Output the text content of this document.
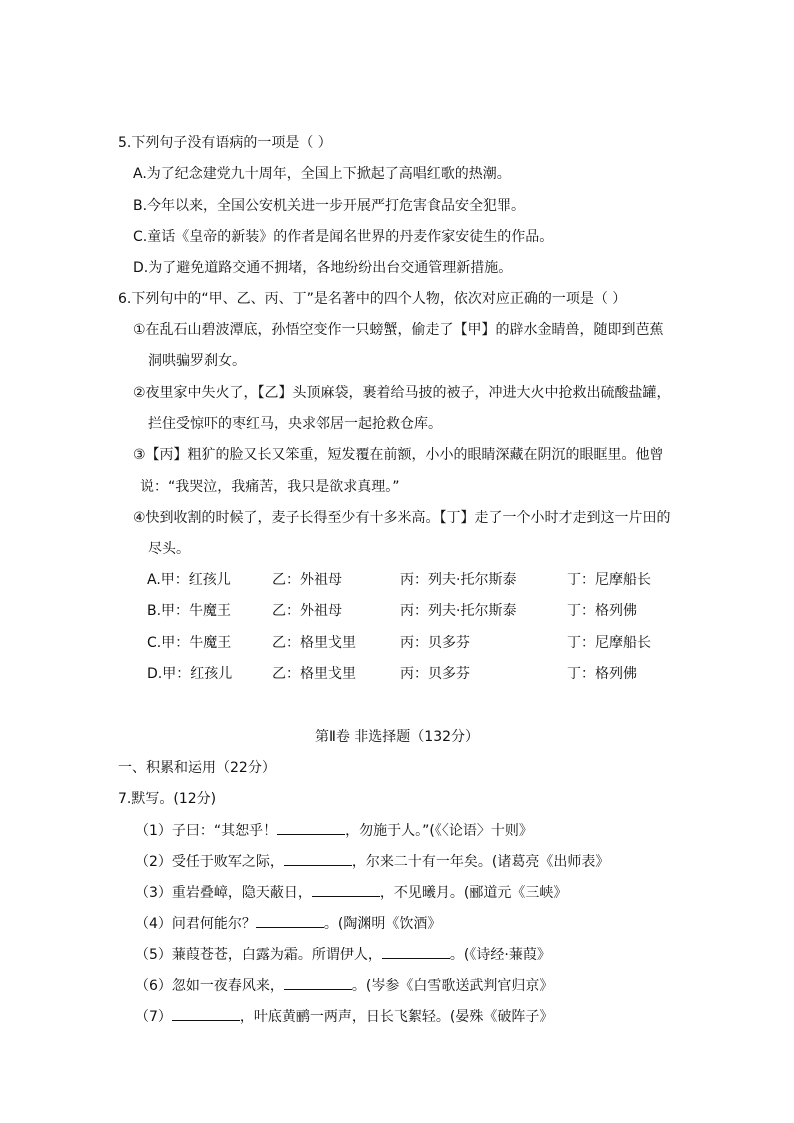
5.下列句子没有语病的一项是（ ）
A.为了纪念建党九十周年，全国上下掀起了高唱红歌的热潮。
B.今年以来，全国公安机关进一步开展严打危害食品安全犯罪。
C.童话《皇帝的新装》的作者是闻名世界的丹麦作家安徒生的作品。
D.为了避免道路交通不拥堵，各地纷纷出台交通管理新措施。
6.下列句中的“甲、乙、丙、丁”是名著中的四个人物，依次对应正确的一项是（ ）
①在乱石山碧波潭底，孙悟空变作一只螃蟹，偷走了【甲】的辟水金睛兽，随即到芭蕉
洞哄骗罗刹女。
②夜里家中失火了，【乙】头顶麻袋，裹着给马披的被子，冲进大火中抢救出硫酸盐罐，
拦住受惊吓的枣红马，央求邻居一起抢救仓库。
③【丙】粗犷的脸又长又笨重，短发覆在前额，小小的眼睛深藏在阴沉的眼眶里。他曾
说：“我哭泣，我痛苦，我只是欲求真理。”
④快到收割的时候了，麦子长得至少有十多米高。【丁】走了一个小时才走到这一片田的
尽头。
A.甲：红孩儿	乙：外祖母	丙：列夫·托尔斯泰	丁：尼摩船长
B.甲：牛魔王	乙：外祖母	丙：列夫·托尔斯泰	丁：格列佛
C.甲：牛魔王	乙：格里戈里	丙：贝多芬	丁：尼摩船长
D.甲：红孩儿	乙：格里戈里	丙：贝多芬	丁：格列佛
第Ⅱ卷 非选择题（132分）
一、积累和运用（22分）
7.默写。(12分)
（1）子曰：“其恕乎！	，勿施于人。”(《〈论语〉十则》
（2）受任于败军之际，	，尔来二十有一年矣。(诸葛亮《出师表》
（3）重岩叠嶂，隐天蔽日，	，不见曦月。(郦道元《三峡》
（4）问君何能尔？	。(陶渊明《饮酒》
（5）蒹葭苍苍，白露为霜。所谓伊人，	。(《诗经·蒹葭》
（6）忽如一夜春风来，	。(岑参《白雪歌送武判官归京》
（7）	，叶底黄鹂一两声，日长飞絮轻。(晏殊《破阵子》
